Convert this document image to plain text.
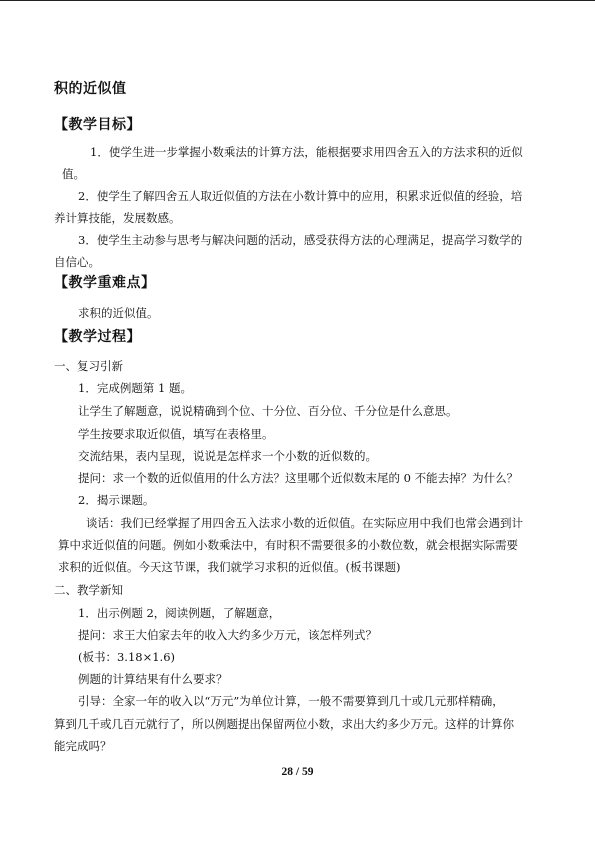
积的近似值
【教学目标】
1．使学生进一步掌握小数乘法的计算方法，能根据要求用四舍五入的方法求积的近似
值。
2．使学生了解四舍五人取近似值的方法在小数计算中的应用，积累求近似值的经验，培
养计算技能，发展数感。
3．使学生主动参与思考与解决问题的活动，感受获得方法的心理满足，提高学习数学的
自信心。
【教学重难点】
求积的近似值。
【教学过程】
一、复习引新
1．完成例题第 1 题。
让学生了解题意，说说精确到个位、十分位、百分位、千分位是什么意思。
学生按要求取近似值，填写在表格里。
交流结果，表内呈现，说说是怎样求一个小数的近似数的。
提问：求一个数的近似值用的什么方法？这里哪个近似数末尾的 0 不能去掉？为什么？
2．揭示课题。
谈话：我们已经掌握了用四舍五入法求小数的近似值。在实际应用中我们也常会遇到计
算中求近似值的问题。例如小数乘法中，有时积不需要很多的小数位数，就会根据实际需要
求积的近似值。今天这节课，我们就学习求积的近似值。(板书课题)
二、教学新知
1．出示例题 2，阅读例题，了解题意，
提问：求王大伯家去年的收入大约多少万元，该怎样列式？
(板书：3.18×1.6)
例题的计算结果有什么要求？
引导：全家一年的收入以“万元”为单位计算，一般不需要算到几十或几元那样精确，
算到几千或几百元就行了，所以例题提出保留两位小数，求出大约多少万元。这样的计算你
能完成吗？
28 / 59
